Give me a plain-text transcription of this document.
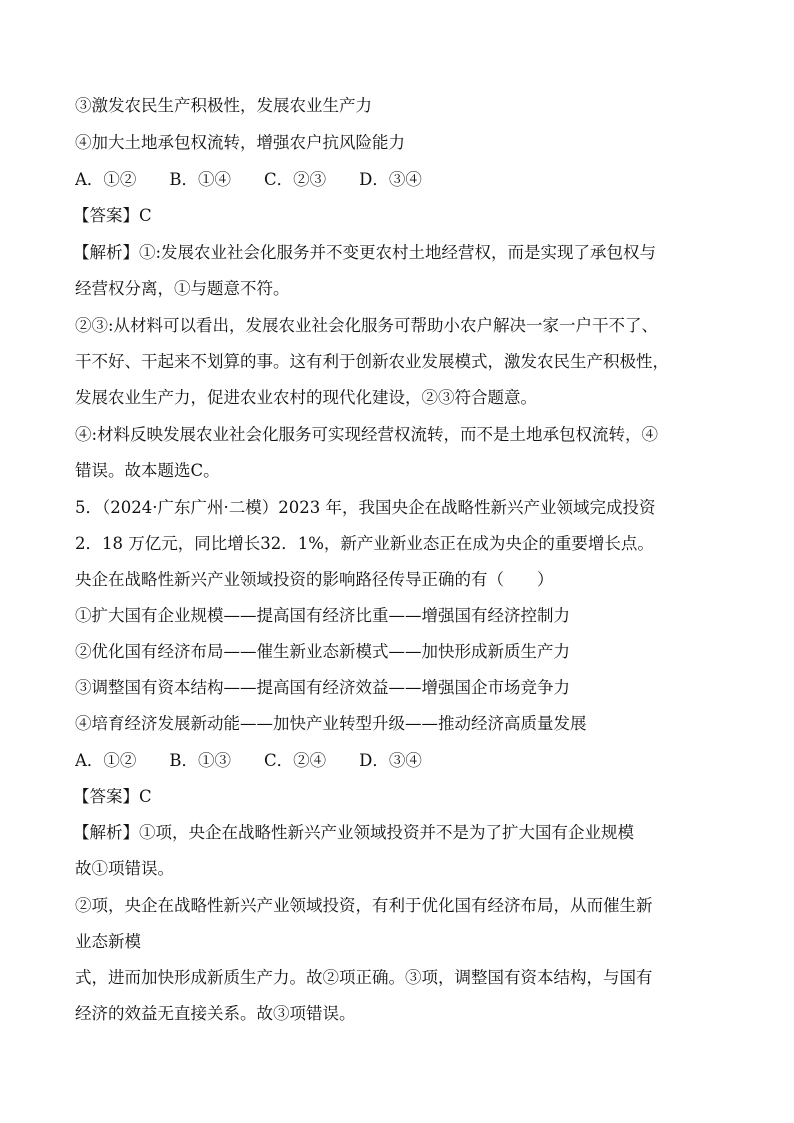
③激发农民生产积极性，发展农业生产力
④加大土地承包权流转，增强农户抗风险能力
A．①②　　B．①④　　C．②③　　D．③④
【答案】C
【解析】①:发展农业社会化服务并不变更农村土地经营权，而是实现了承包权与
经营权分离，①与题意不符。
②③:从材料可以看出，发展农业社会化服务可帮助小农户解决一家一户干不了、
干不好、干起来不划算的事。这有利于创新农业发展模式，激发农民生产积极性，
发展农业生产力，促进农业农村的现代化建设，②③符合题意。
④:材料反映发展农业社会化服务可实现经营权流转，而不是土地承包权流转，④
错误。故本题选C。
5．（2024·广东广州·二模）2023 年，我国央企在战略性新兴产业领域完成投资
2．18 万亿元，同比增长32．1%，新产业新业态正在成为央企的重要增长点。
央企在战略性新兴产业领域投资的影响路径传导正确的有（　　）
①扩大国有企业规模——提高国有经济比重——增强国有经济控制力
②优化国有经济布局——催生新业态新模式——加快形成新质生产力
③调整国有资本结构——提高国有经济效益——增强国企市场竞争力
④培育经济发展新动能——加快产业转型升级——推动经济高质量发展
A．①②　　B．①③　　C．②④　　D．③④
【答案】C
【解析】①项，央企在战略性新兴产业领域投资并不是为了扩大国有企业规模
故①项错误。
②项，央企在战略性新兴产业领域投资，有利于优化国有经济布局，从而催生新
业态新模
式，进而加快形成新质生产力。故②项正确。③项，调整国有资本结构，与国有
经济的效益无直接关系。故③项错误。
